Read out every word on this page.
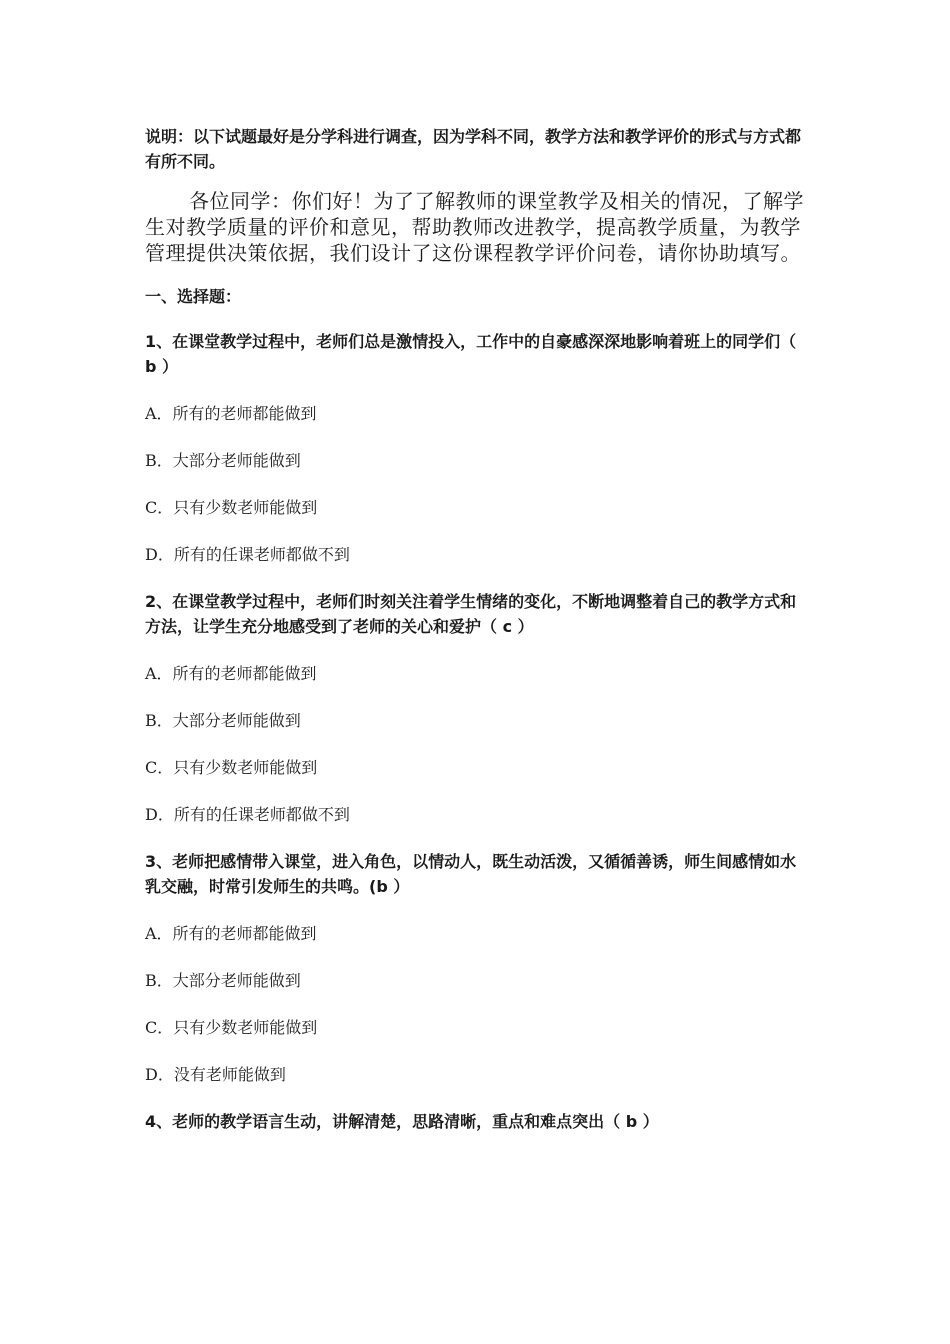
说明：以下试题最好是分学科进行调查，因为学科不同，教学方法和教学评价的形式与方式都有所不同。

各位同学：你们好！为了了解教师的课堂教学及相关的情况，了解学生对教学质量的评价和意见，帮助教师改进教学，提高教学质量，为教学管理提供决策依据，我们设计了这份课程教学评价问卷，请你协助填写。

一、选择题：

1、在课堂教学过程中，老师们总是激情投入，工作中的自豪感深深地影响着班上的同学们（ b ）

A．所有的老师都能做到

B．大部分老师能做到

C．只有少数老师能做到

D．所有的任课老师都做不到

2、在课堂教学过程中，老师们时刻关注着学生情绪的变化，不断地调整着自己的教学方式和方法，让学生充分地感受到了老师的关心和爱护（ c ）

A．所有的老师都能做到

B．大部分老师能做到

C．只有少数老师能做到

D．所有的任课老师都做不到

3、老师把感情带入课堂，进入角色，以情动人，既生动活泼，又循循善诱，师生间感情如水乳交融，时常引发师生的共鸣。(b ）

A．所有的老师都能做到

B．大部分老师能做到

C．只有少数老师能做到

D．没有老师能做到

4、老师的教学语言生动，讲解清楚，思路清晰，重点和难点突出（ b ）
